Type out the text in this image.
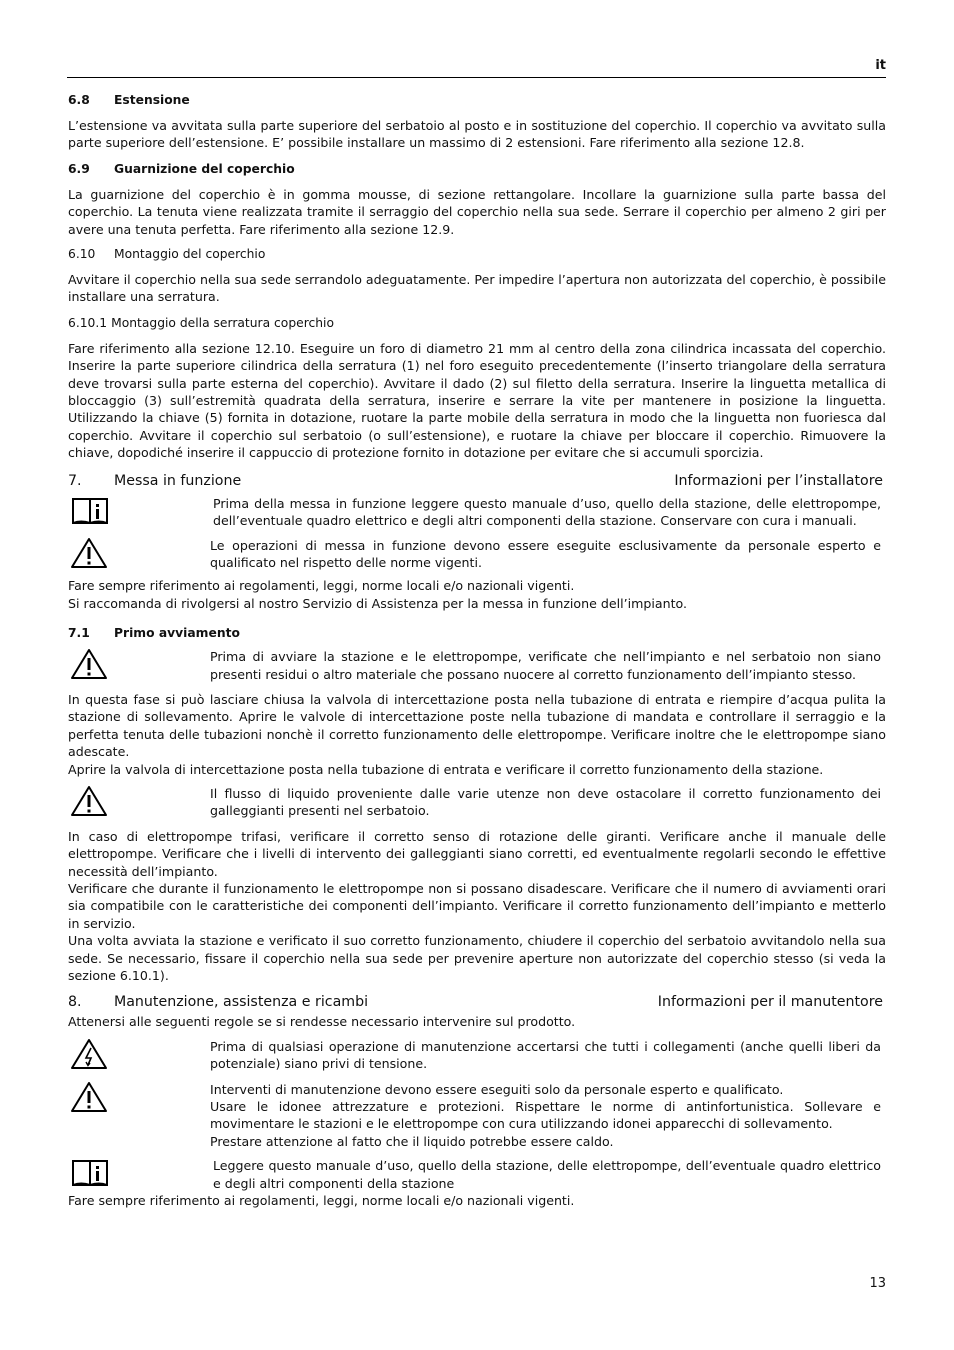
it
6.8 Estensione

L’estensione va avvitata sulla parte superiore del serbatoio al posto e in sostituzione del coperchio. Il coperchio va avvitato sulla parte superiore dell’estensione. E’ possibile installare un massimo di 2 estensioni. Fare riferimento alla sezione 12.8.

6.9 Guarnizione del coperchio

La guarnizione del coperchio è in gomma mousse, di sezione rettangolare. Incollare la guarnizione sulla parte bassa del coperchio. La tenuta viene realizzata tramite il serraggio del coperchio nella sua sede. Serrare il coperchio per almeno 2 giri per avere una tenuta perfetta. Fare riferimento alla sezione 12.9.

6.10 Montaggio del coperchio

Avvitare il coperchio nella sua sede serrandolo adeguatamente. Per impedire l’apertura non autorizzata del coperchio, è possibile installare una serratura.

6.10.1 Montaggio della serratura coperchio

Fare riferimento alla sezione 12.10. Eseguire un foro di diametro 21 mm al centro della zona cilindrica incassata del coperchio. Inserire la parte superiore cilindrica della serratura (1) nel foro eseguito precedentemente (l’inserto triangolare della serratura deve trovarsi sulla parte esterna del coperchio). Avvitare il dado (2) sul filetto della serratura. Inserire la linguetta metallica di bloccaggio (3) sull’estremità quadrata della serratura, inserire e serrare la vite per mantenere in posizione la linguetta. Utilizzando la chiave (5) fornita in dotazione, ruotare la parte mobile della serratura in modo che la linguetta non fuoriesca dal coperchio. Avvitare il coperchio sul serbatoio (o sull’estensione), e ruotare la chiave per bloccare il coperchio. Rimuovere la chiave, dopodiché inserire il cappuccio di protezione fornito in dotazione per evitare che si accumuli sporcizia.

7. Messa in funzione	Informazioni per l’installatore

Prima della messa in funzione leggere questo manuale d’uso, quello della stazione, delle elettropompe, dell’eventuale quadro elettrico e degli altri componenti della stazione. Conservare con cura i manuali.

Le operazioni di messa in funzione devono essere eseguite esclusivamente da personale esperto e qualificato nel rispetto delle norme vigenti.

Fare sempre riferimento ai regolamenti, leggi, norme locali e/o nazionali vigenti.

Si raccomanda di rivolgersi al nostro Servizio di Assistenza per la messa in funzione dell’impianto.

7.1 Primo avviamento

Prima di avviare la stazione e le elettropompe, verificate che nell’impianto e nel serbatoio non siano presenti residui o altro materiale che possano nuocere al corretto funzionamento dell’impianto stesso.

In questa fase si può lasciare chiusa la valvola di intercettazione posta nella tubazione di entrata e riempire d’acqua pulita la stazione di sollevamento. Aprire le valvole di intercettazione poste nella tubazione di mandata e controllare il serraggio e la perfetta tenuta delle tubazioni nonchè il corretto funzionamento delle elettropompe. Verificare inoltre che le elettropompe siano adescate.

Aprire la valvola di intercettazione posta nella tubazione di entrata e verificare il corretto funzionamento della stazione.

Il flusso di liquido proveniente dalle varie utenze non deve ostacolare il corretto funzionamento dei galleggianti presenti nel serbatoio.

In caso di elettropompe trifasi, verificare il corretto senso di rotazione delle giranti. Verificare anche il manuale delle elettropompe. Verificare che i livelli di intervento dei galleggianti siano corretti, ed eventualmente regolarli secondo le effettive necessità dell’impianto.

Verificare che durante il funzionamento le elettropompe non si possano disadescare. Verificare che il numero di avviamenti orari sia compatibile con le caratteristiche dei componenti dell’impianto. Verificare il corretto funzionamento dell’impianto e metterlo in servizio.

Una volta avviata la stazione e verificato il suo corretto funzionamento, chiudere il coperchio del serbatoio avvitandolo nella sua sede. Se necessario, fissare il coperchio nella sua sede per prevenire aperture non autorizzate del coperchio stesso (si veda la sezione 6.10.1).

8. Manutenzione, assistenza e ricambi	Informazioni per il manutentore

Attenersi alle seguenti regole se si rendesse necessario intervenire sul prodotto.

Prima di qualsiasi operazione di manutenzione accertarsi che tutti i collegamenti (anche quelli liberi da potenziale) siano privi di tensione.

Interventi di manutenzione devono essere eseguiti solo da personale esperto e qualificato.
Usare le idonee attrezzature e protezioni. Rispettare le norme di antinfortunistica. Sollevare e movimentare le stazioni e le elettropompe con cura utilizzando idonei apparecchi di sollevamento.
Prestare attenzione al fatto che il liquido potrebbe essere caldo.

Leggere questo manuale d’uso, quello della stazione, delle elettropompe, dell’eventuale quadro elettrico e degli altri componenti della stazione

Fare sempre riferimento ai regolamenti, leggi, norme locali e/o nazionali vigenti.

13
